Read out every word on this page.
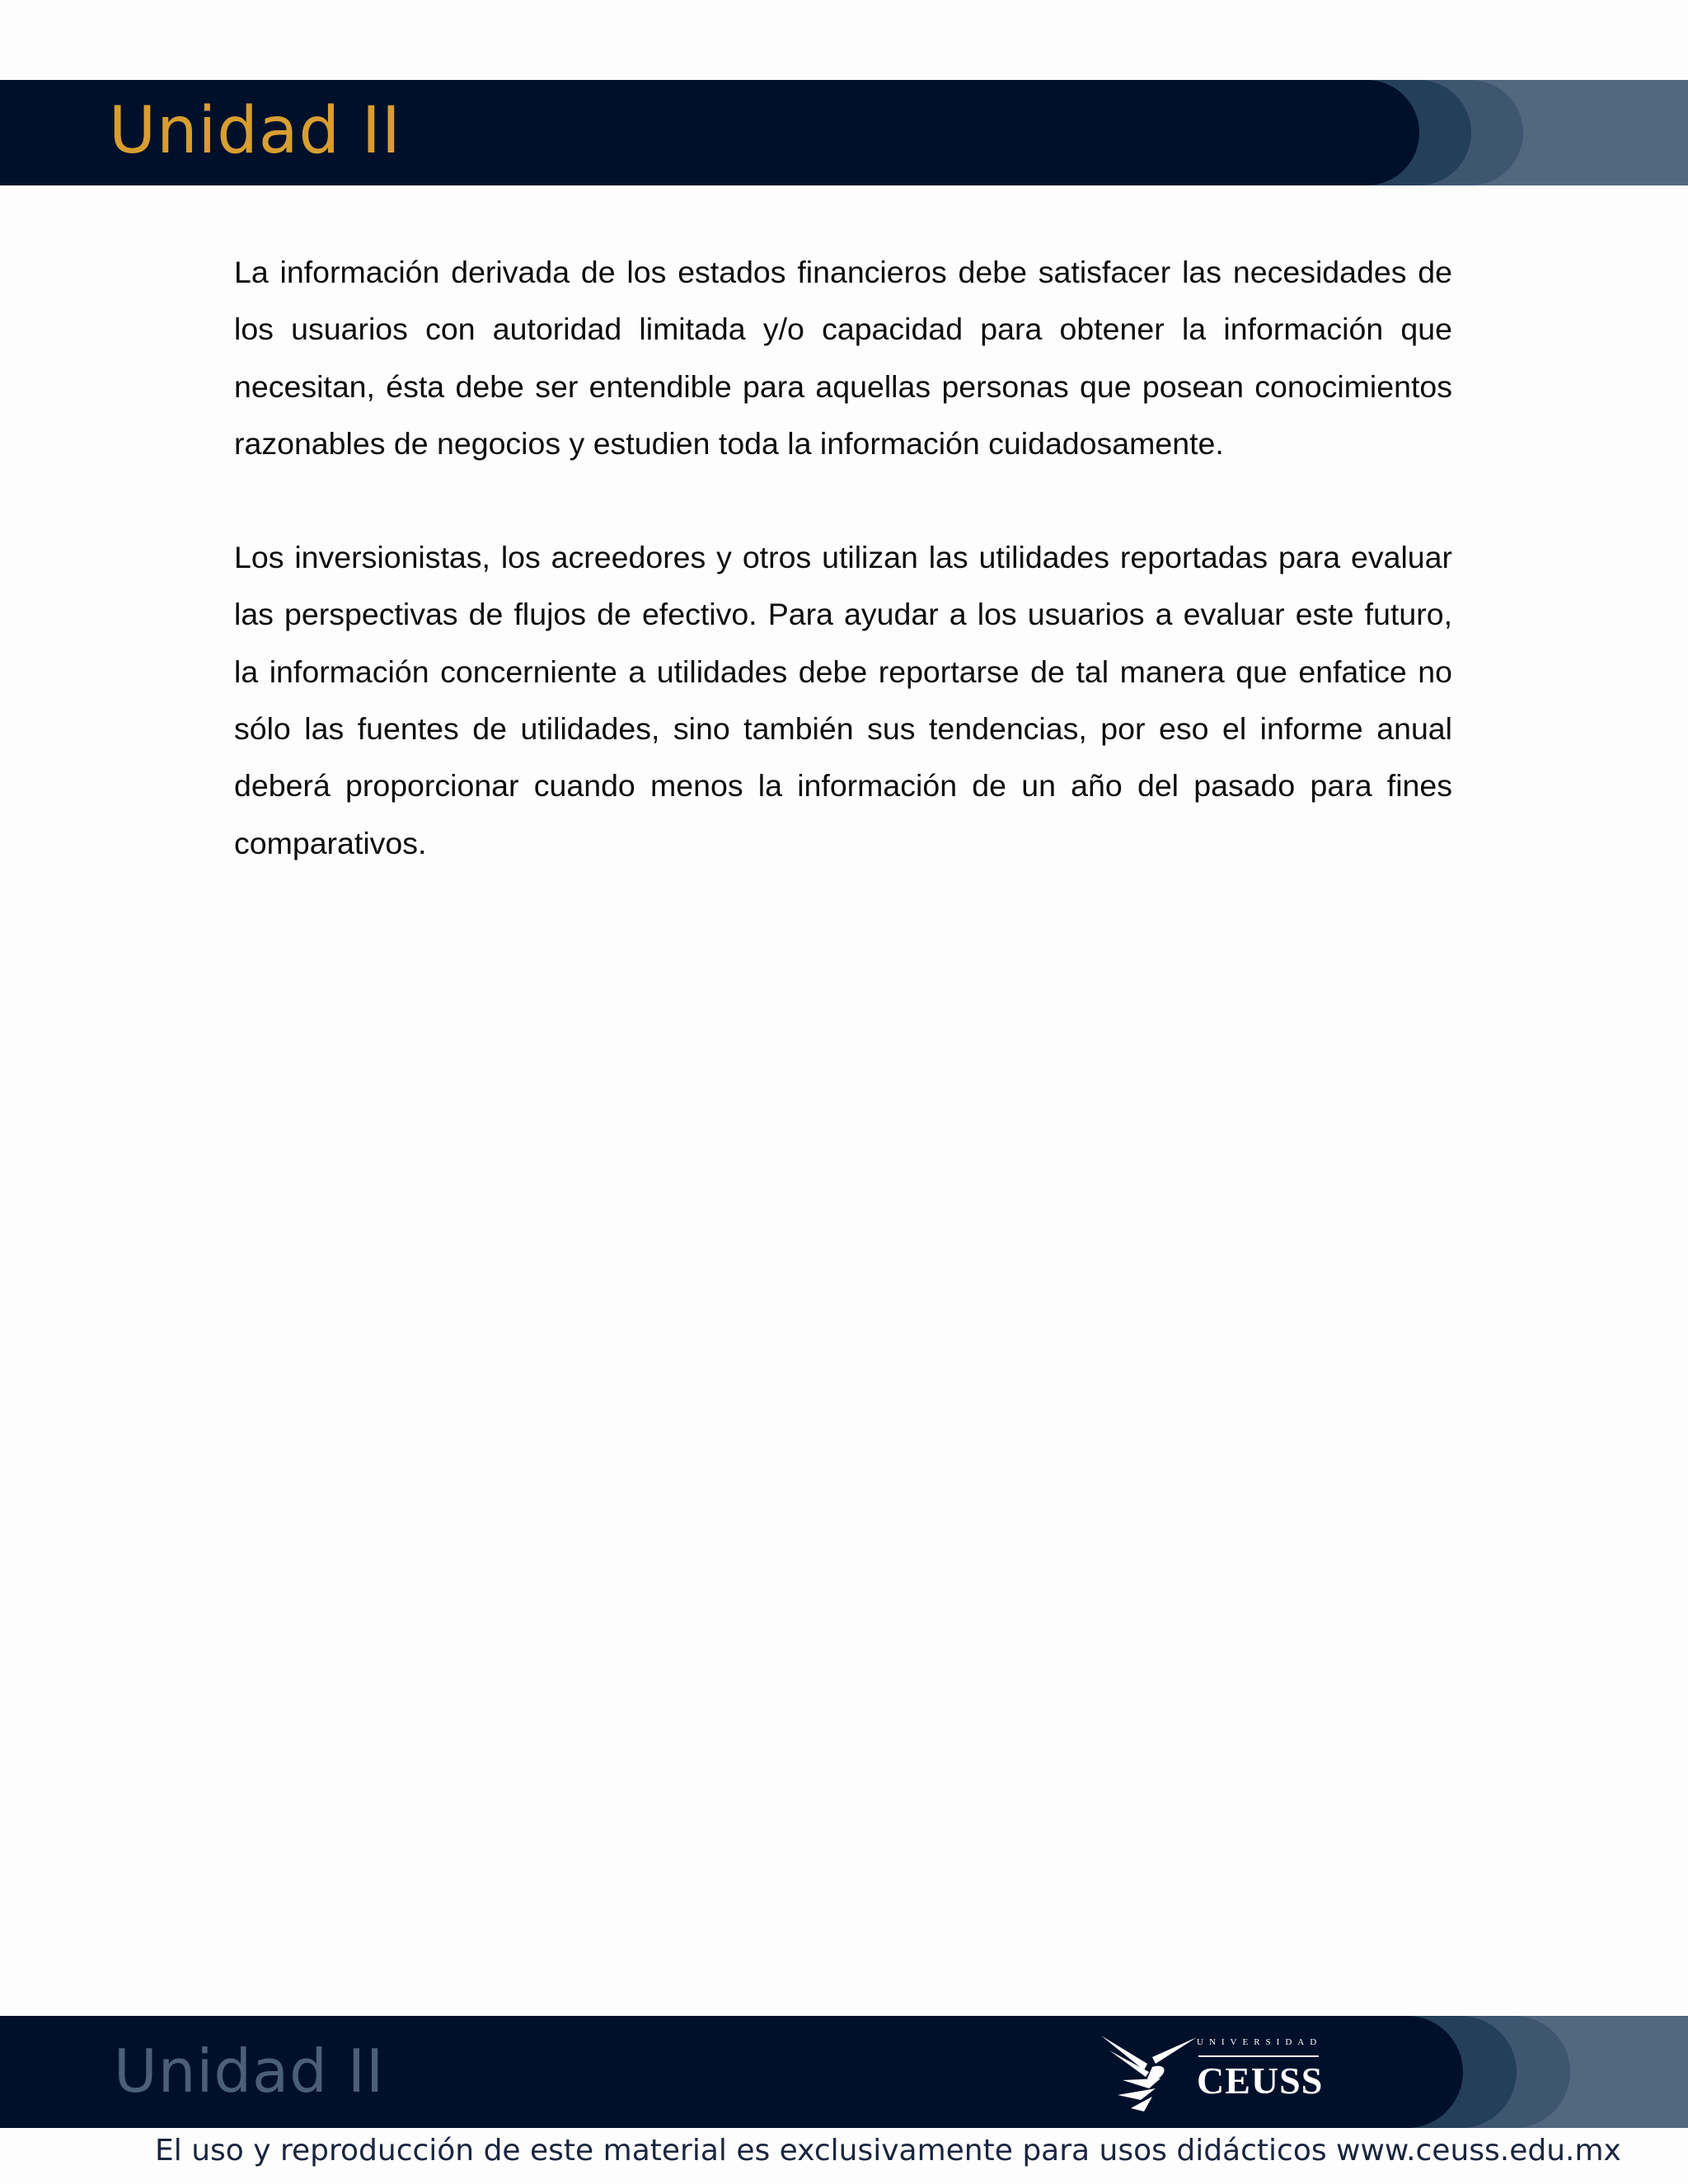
Unidad II

La información derivada de los estados financieros debe satisfacer las necesidades de los usuarios con autoridad limitada y/o capacidad para obtener la información que necesitan, ésta debe ser entendible para aquellas personas que posean conocimientos razonables de negocios y estudien toda la información cuidadosamente.

Los inversionistas, los acreedores y otros utilizan las utilidades reportadas para evaluar las perspectivas de flujos de efectivo. Para ayudar a los usuarios a evaluar este futuro, la información concerniente a utilidades debe reportarse de tal manera que enfatice no sólo las fuentes de utilidades, sino también sus tendencias, por eso el informe anual deberá proporcionar cuando menos la información de un año del pasado para fines comparativos.

Unidad II	UNIVERSIDAD
CEUSS

El uso y reproducción de este material es exclusivamente para usos didácticos www.ceuss.edu.mx
